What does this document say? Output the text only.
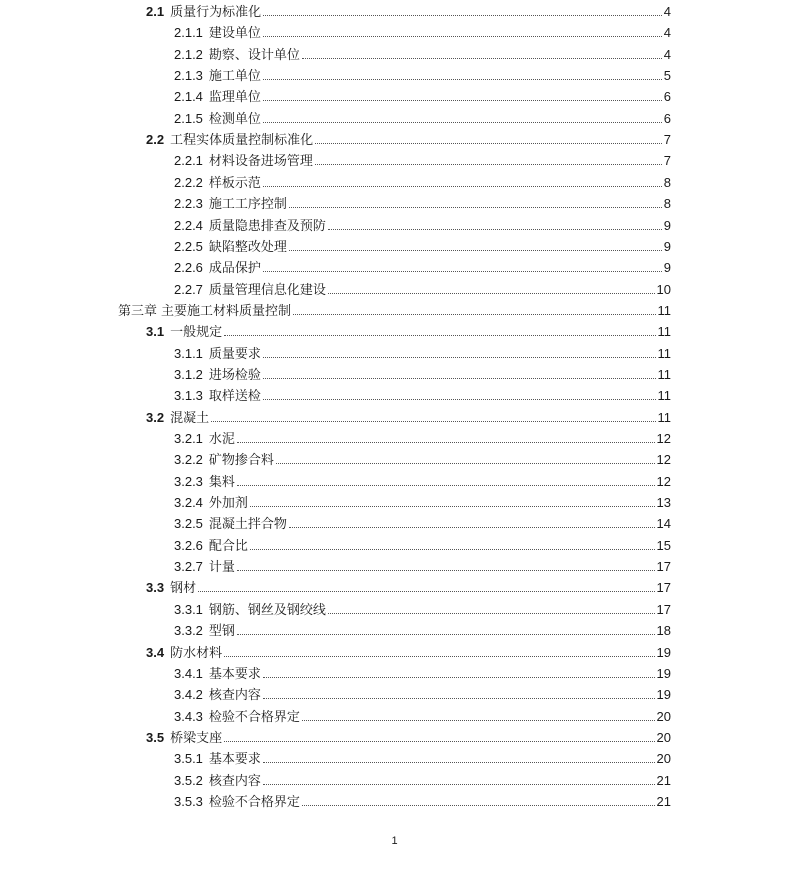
2.1 质量行为标准化	4
2.1.1 建设单位	4
2.1.2 勘察、设计单位	4
2.1.3 施工单位	5
2.1.4 监理单位	6
2.1.5 检测单位	6
2.2 工程实体质量控制标准化	7
2.2.1 材料设备进场管理	7
2.2.2 样板示范	8
2.2.3 施工工序控制	8
2.2.4 质量隐患排查及预防	9
2.2.5 缺陷整改处理	9
2.2.6 成品保护	9
2.2.7 质量管理信息化建设	10
第三章 主要施工材料质量控制	11
3.1 一般规定	11
3.1.1 质量要求	11
3.1.2 进场检验	11
3.1.3 取样送检	11
3.2 混凝土	11
3.2.1 水泥	12
3.2.2 矿物掺合料	12
3.2.3 集料	12
3.2.4 外加剂	13
3.2.5 混凝土拌合物	14
3.2.6 配合比	15
3.2.7 计量	17
3.3 钢材	17
3.3.1 钢筋、钢丝及钢绞线	17
3.3.2 型钢	18
3.4 防水材料	19
3.4.1 基本要求	19
3.4.2 核查内容	19
3.4.3 检验不合格界定	20
3.5 桥梁支座	20
3.5.1 基本要求	20
3.5.2 核查内容	21
3.5.3 检验不合格界定	21
1
